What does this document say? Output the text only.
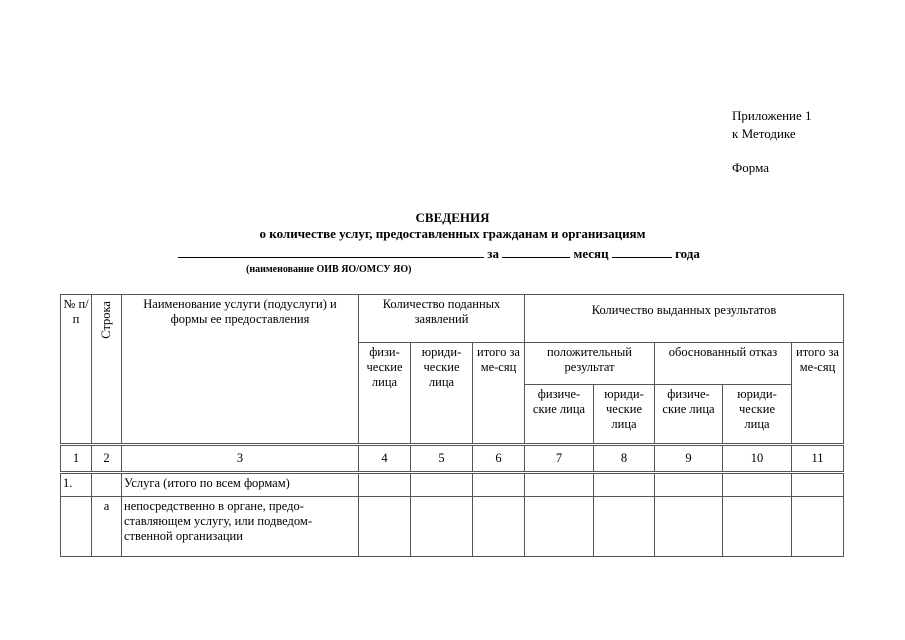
Приложение 1
к Методике
Форма
СВЕДЕНИЯ
о количестве услуг, предоставленных гражданам и организациям
за	месяц	года
(наименование ОИВ ЯО/ОМСУ ЯО)
№ п/п	Строка	Наименование услуги (подуслуги) и формы ее предоставления	Количество поданных заявлений			Количество выданных результатов				
			физи-ческие лица	юриди-ческие лица	итого за ме-сяц	положительный результат		обоснованный отказ		итого за ме-сяц
						физиче-ские лица	юриди-ческие лица	физиче-ские лица	юриди-ческие лица	
1	2	3	4	5	6	7	8	9	10	11
1.		Услуга (итого по всем формам)								
	а	непосредственно в органе, предо-ставляющем услугу, или подведом-ственной организации								
